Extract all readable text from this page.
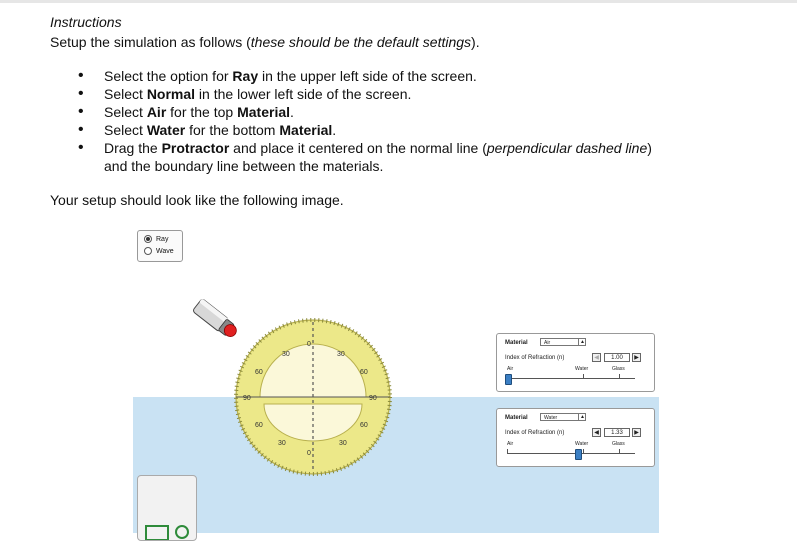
Instructions
Setup the simulation as follows (these should be the default settings).
• Select the option for Ray in the upper left side of the screen.
• Select Normal in the lower left side of the screen.
• Select Air for the top Material.
• Select Water for the bottom Material.
• Drag the Protractor and place it centered on the normal line (perpendicular dashed line)
and the boundary line between the materials.
Your setup should look like the following image.
Ray
Wave
30	30
60	60
90	90
60	60
30	30
0
0
Material	Air	▲
Index of Refraction (n)	◀	1.00	▶
Air	Water	Glass
Material	Water	▲
Index of Refraction (n)	◀	1.33	▶
Air	Water	Glass
